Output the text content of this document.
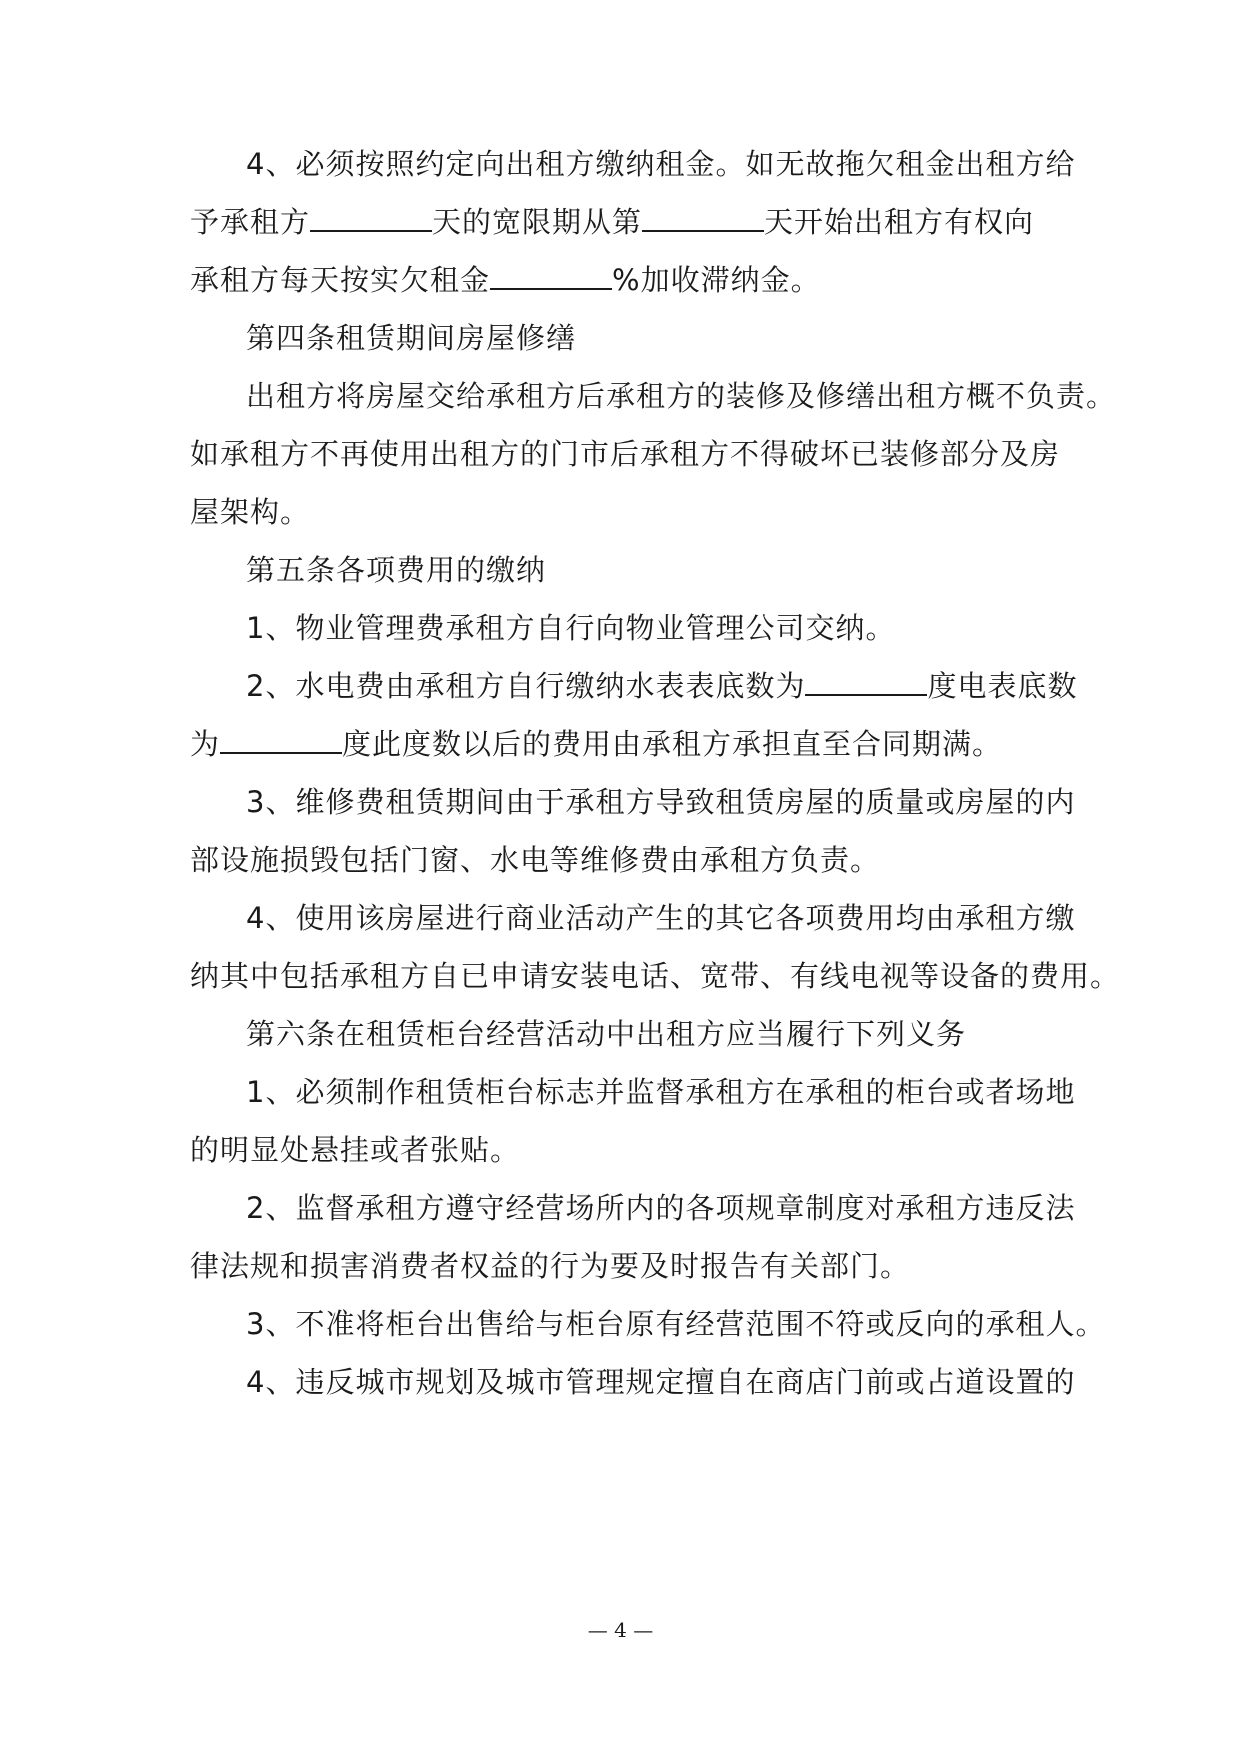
4、必须按照约定向出租方缴纳租金。如无故拖欠租金出租方给
予承租方	天的宽限期从第	天开始出租方有权向
承租方每天按实欠租金	%加收滞纳金。
第四条租赁期间房屋修缮
出租方将房屋交给承租方后承租方的装修及修缮出租方概不负责。
如承租方不再使用出租方的门市后承租方不得破坏已装修部分及房
屋架构。
第五条各项费用的缴纳
1、物业管理费承租方自行向物业管理公司交纳。
2、水电费由承租方自行缴纳水表表底数为	度电表底数
为	度此度数以后的费用由承租方承担直至合同期满。
3、维修费租赁期间由于承租方导致租赁房屋的质量或房屋的内
部设施损毁包括门窗、水电等维修费由承租方负责。
4、使用该房屋进行商业活动产生的其它各项费用均由承租方缴
纳其中包括承租方自已申请安装电话、宽带、有线电视等设备的费用。
第六条在租赁柜台经营活动中出租方应当履行下列义务
1、必须制作租赁柜台标志并监督承租方在承租的柜台或者场地
的明显处悬挂或者张贴。
2、监督承租方遵守经营场所内的各项规章制度对承租方违反法
律法规和损害消费者权益的行为要及时报告有关部门。
3、不准将柜台出售给与柜台原有经营范围不符或反向的承租人。
4、违反城市规划及城市管理规定擅自在商店门前或占道设置的
— 4 —
